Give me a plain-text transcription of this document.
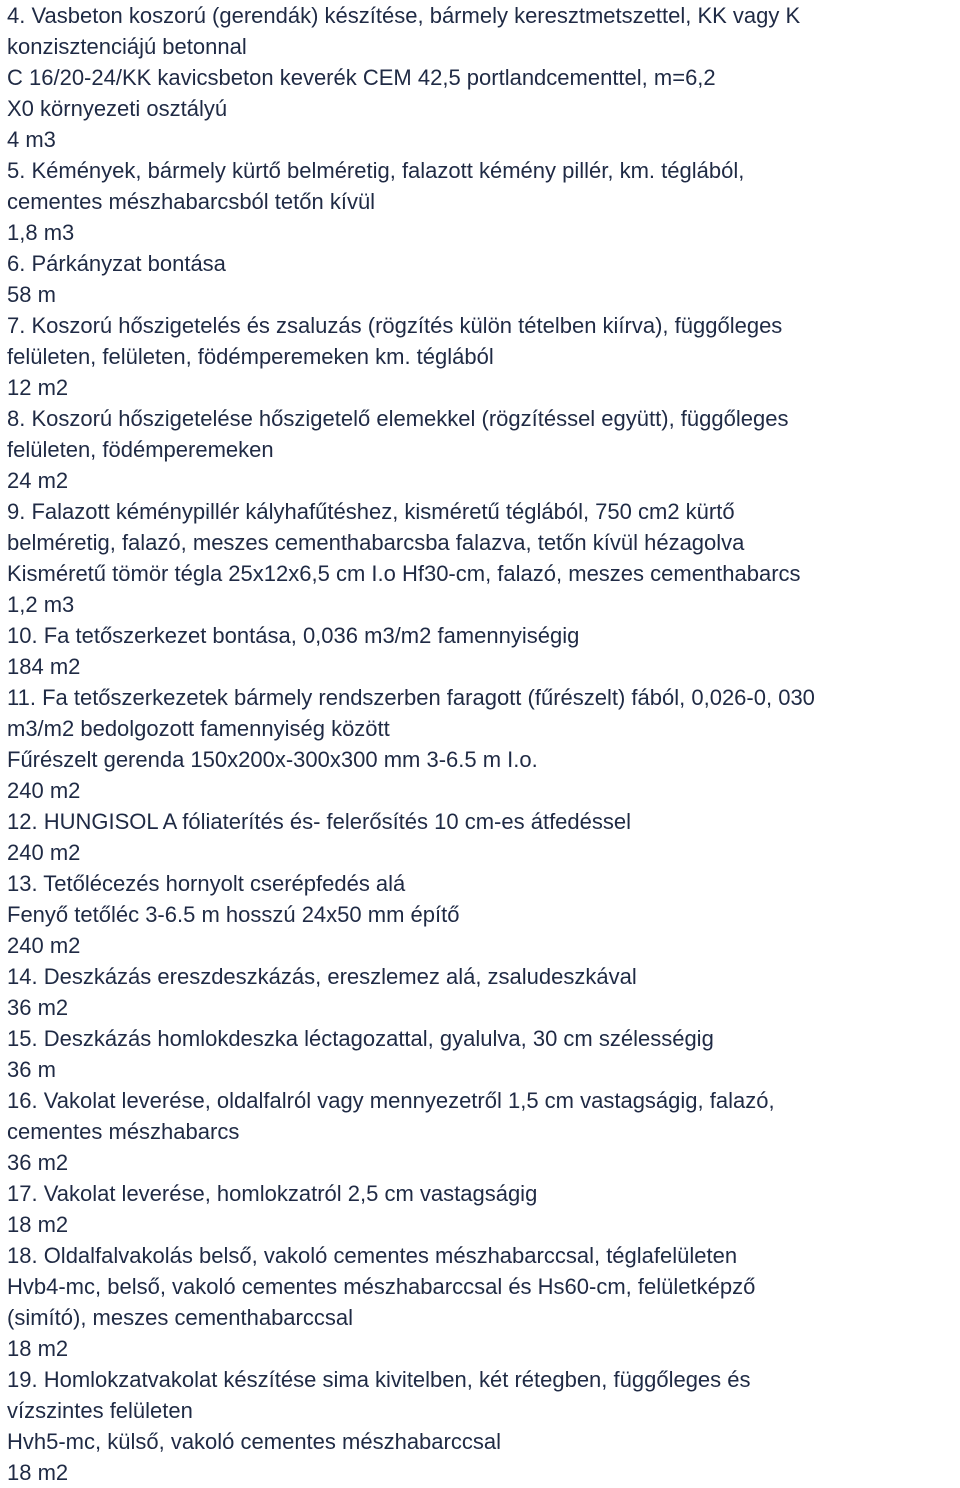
4. Vasbeton koszorú (gerendák) készítése, bármely keresztmetszettel, KK vagy K
konzisztenciájú betonnal
C 16/20-24/KK kavicsbeton keverék CEM 42,5 portlandcementtel, m=6,2
X0 környezeti osztályú
4 m3
5. Kémények, bármely kürtő belméretig, falazott kémény pillér, km. téglából,
cementes mészhabarcsból tetőn kívül
1,8 m3
6. Párkányzat bontása
58 m
7. Koszorú hőszigetelés és zsaluzás (rögzítés külön tételben kiírva), függőleges
felületen, felületen, födémperemeken km. téglából
12 m2
8. Koszorú hőszigetelése hőszigetelő elemekkel (rögzítéssel együtt), függőleges
felületen, födémperemeken
24 m2
9. Falazott kéménypillér kályhafűtéshez, kisméretű téglából, 750 cm2 kürtő
belméretig, falazó, meszes cementhabarcsba falazva, tetőn kívül hézagolva
Kisméretű tömör tégla 25x12x6,5 cm I.o Hf30-cm, falazó, meszes cementhabarcs
1,2 m3
10. Fa tetőszerkezet bontása, 0,036 m3/m2 famennyiségig
184 m2
11. Fa tetőszerkezetek bármely rendszerben faragott (fűrészelt) fából, 0,026-0, 030
m3/m2 bedolgozott famennyiség között
Fűrészelt gerenda 150x200x-300x300 mm 3-6.5 m I.o.
240 m2
12. HUNGISOL A fóliaterítés és- felerősítés 10 cm-es átfedéssel
240 m2
13. Tetőlécezés hornyolt cserépfedés alá
Fenyő tetőléc 3-6.5 m hosszú 24x50 mm építő
240 m2
14. Deszkázás ereszdeszkázás, ereszlemez alá, zsaludeszkával
36 m2
15. Deszkázás homlokdeszka léctagozattal, gyalulva, 30 cm szélességig
36 m
16. Vakolat leverése, oldalfalról vagy mennyezetről 1,5 cm vastagságig, falazó,
cementes mészhabarcs
36 m2
17. Vakolat leverése, homlokzatról 2,5 cm vastagságig
18 m2
18. Oldalfalvakolás belső, vakoló cementes mészhabarccsal, téglafelületen
Hvb4-mc, belső, vakoló cementes mészhabarccsal és Hs60-cm, felületképző
(simító), meszes cementhabarccsal
18 m2
19. Homlokzatvakolat készítése sima kivitelben, két rétegben, függőleges és
vízszintes felületen
Hvh5-mc, külső, vakoló cementes mészhabarccsal
18 m2
